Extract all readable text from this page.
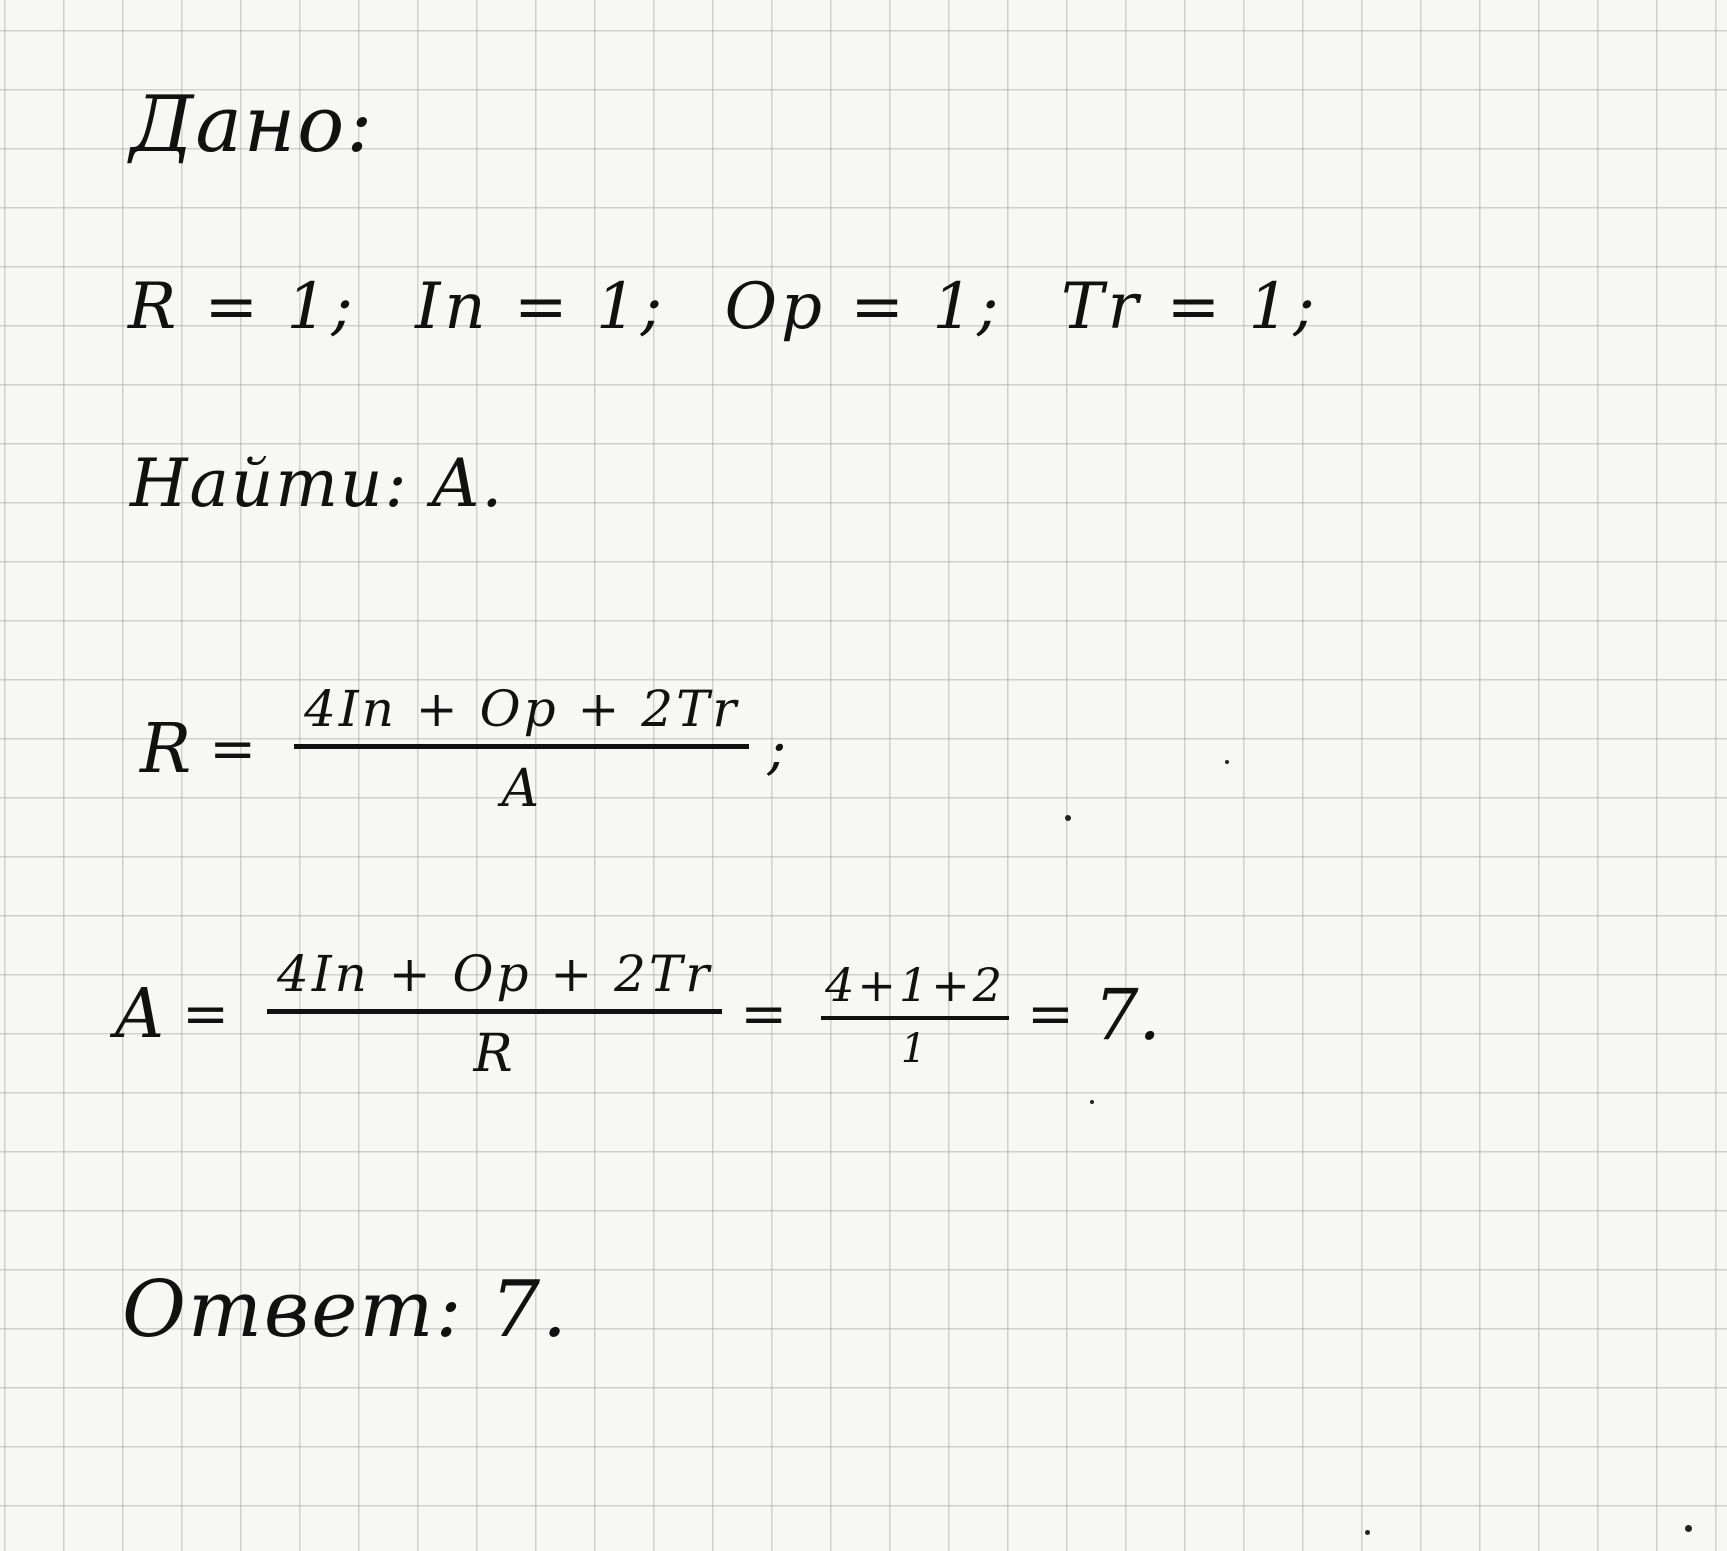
Дано:
R = 1; In = 1; Op = 1; Tr = 1;
Найти: A.
$R = \frac{4In + Op + 2Tr}{A}$ ;
$A = \frac{4In + Op + 2Tr}{R} = \frac{4+1+2}{1} = 7$.
Ответ: 7.
